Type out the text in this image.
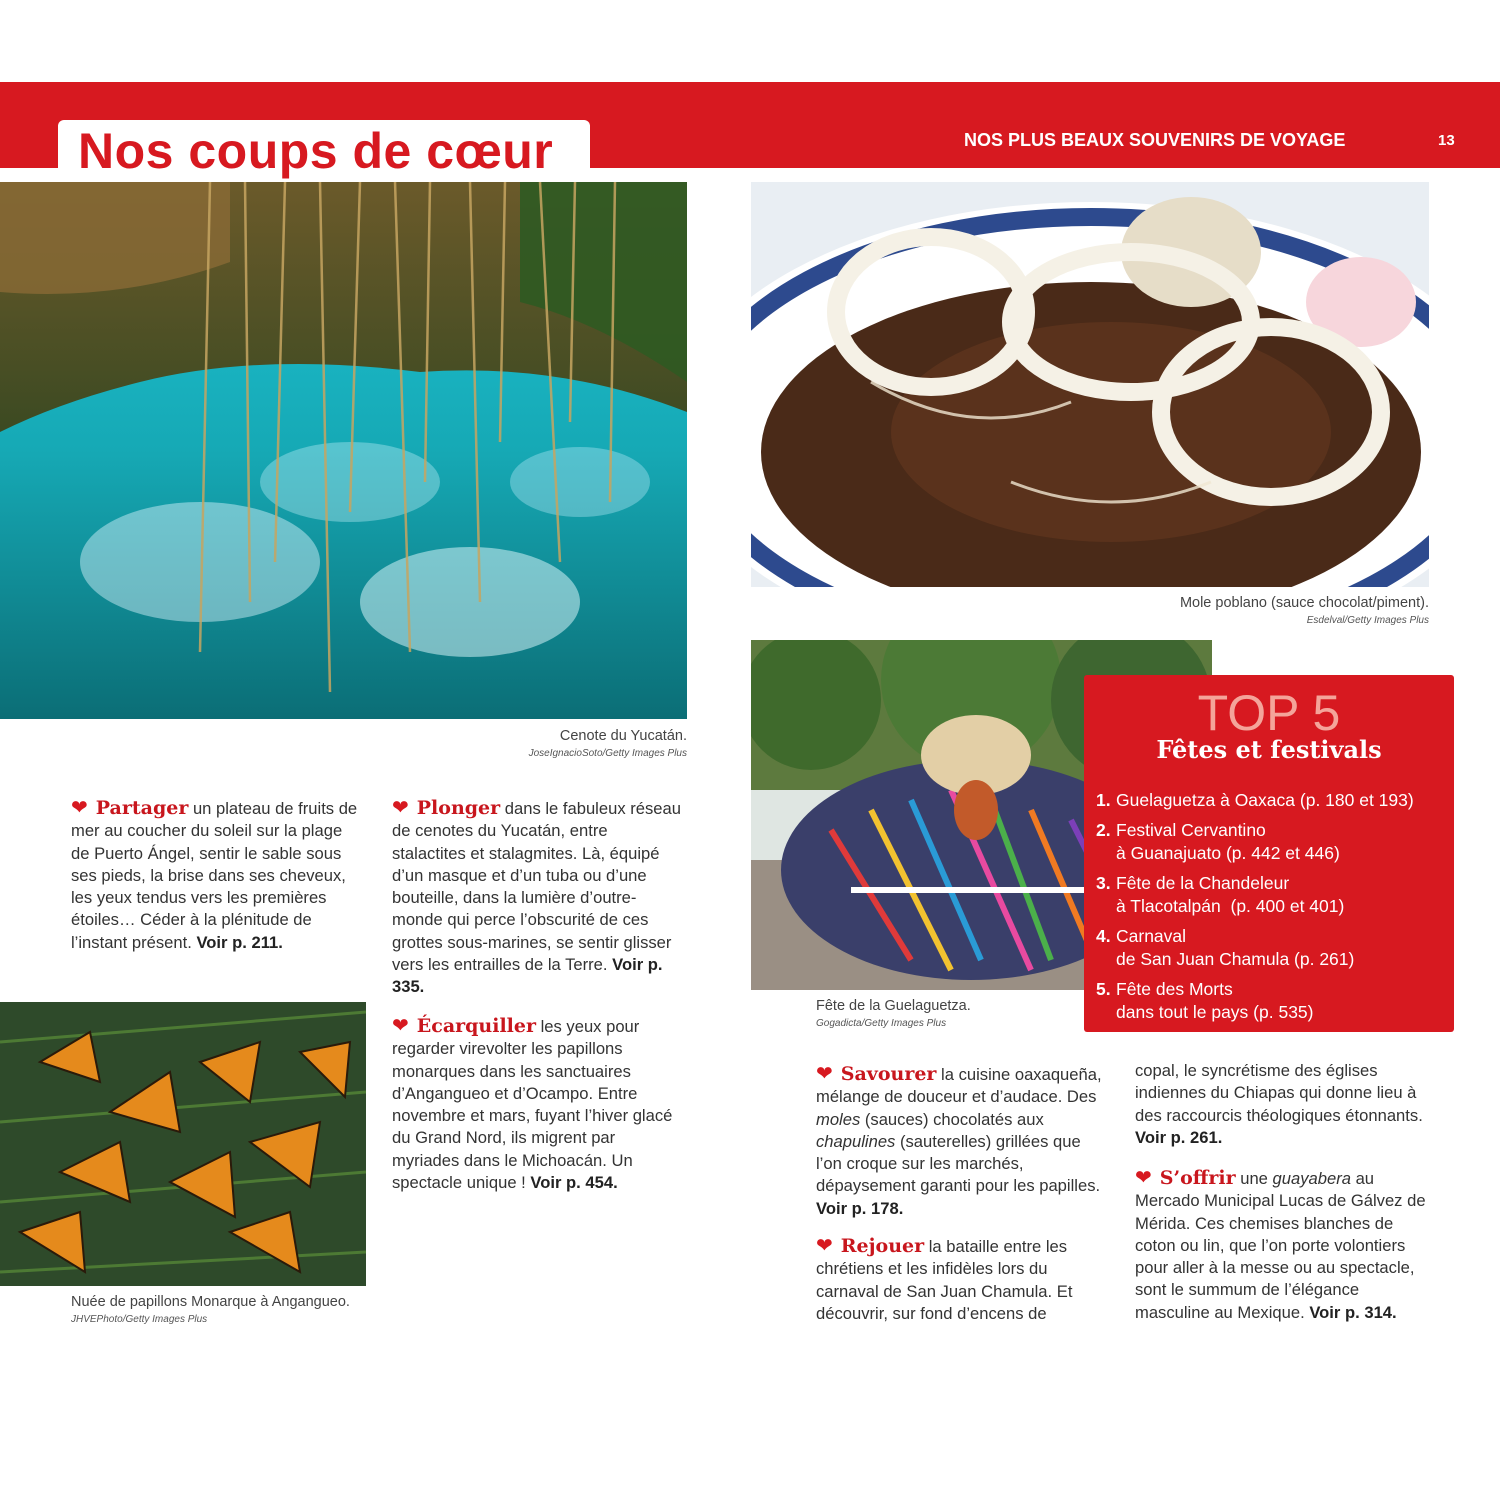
Nos coups de cœur	NOS PLUS BEAUX SOUVENIRS DE VOYAGE	13
Cenote du Yucatán.
JoseIgnacioSoto/Getty Images Plus
Mole poblano (sauce chocolat/piment).
Esdelval/Getty Images Plus
Fête de la Guelaguetza.
Gogadicta/Getty Images Plus
Nuée de papillons Monarque à Angangueo.
JHVEPhoto/Getty Images Plus
❤ Partager un plateau de fruits de mer au coucher du soleil sur la plage de Puerto Ángel, sentir le sable sous ses pieds, la brise dans ses cheveux, les yeux tendus vers les premières étoiles… Céder à la plénitude de l’instant présent. Voir p. 211.
❤ Plonger dans le fabuleux réseau de cenotes du Yucatán, entre stalactites et stalagmites. Là, équipé d’un masque et d’un tuba ou d’une bouteille, dans la lumière d’outre-monde qui perce l’obscurité de ces grottes sous-marines, se sentir glisser vers les entrailles de la Terre. Voir p. 335.
❤ Écarquiller les yeux pour regarder virevolter les papillons monarques dans les sanctuaires d’Angangueo et d’Ocampo. Entre novembre et mars, fuyant l’hiver glacé du Grand Nord, ils migrent par myriades dans le Michoacán. Un spectacle unique ! Voir p. 454.
❤ Savourer la cuisine oaxaqueña, mélange de douceur et d’audace. Des moles (sauces) chocolatés aux chapulines (sauterelles) grillées que l’on croque sur les marchés, dépaysement garanti pour les papilles. Voir p. 178.
❤ Rejouer la bataille entre les chrétiens et les infidèles lors du carnaval de San Juan Chamula. Et découvrir, sur fond d’encens de
copal, le syncrétisme des églises indiennes du Chiapas qui donne lieu à des raccourcis théologiques étonnants. Voir p. 261.
❤ S’offrir une guayabera au Mercado Municipal Lucas de Gálvez de Mérida. Ces chemises blanches de coton ou lin, que l’on porte volontiers pour aller à la messe ou au spectacle, sont le summum de l’élégance masculine au Mexique. Voir p. 314.
TOP 5
Fêtes et festivals
1. Guelaguetza à Oaxaca (p. 180 et 193)
2. Festival Cervantino
à Guanajuato (p. 442 et 446)
3. Fête de la Chandeleur
à Tlacotalpán  (p. 400 et 401)
4. Carnaval
de San Juan Chamula (p. 261)
5. Fête des Morts
dans tout le pays (p. 535)
